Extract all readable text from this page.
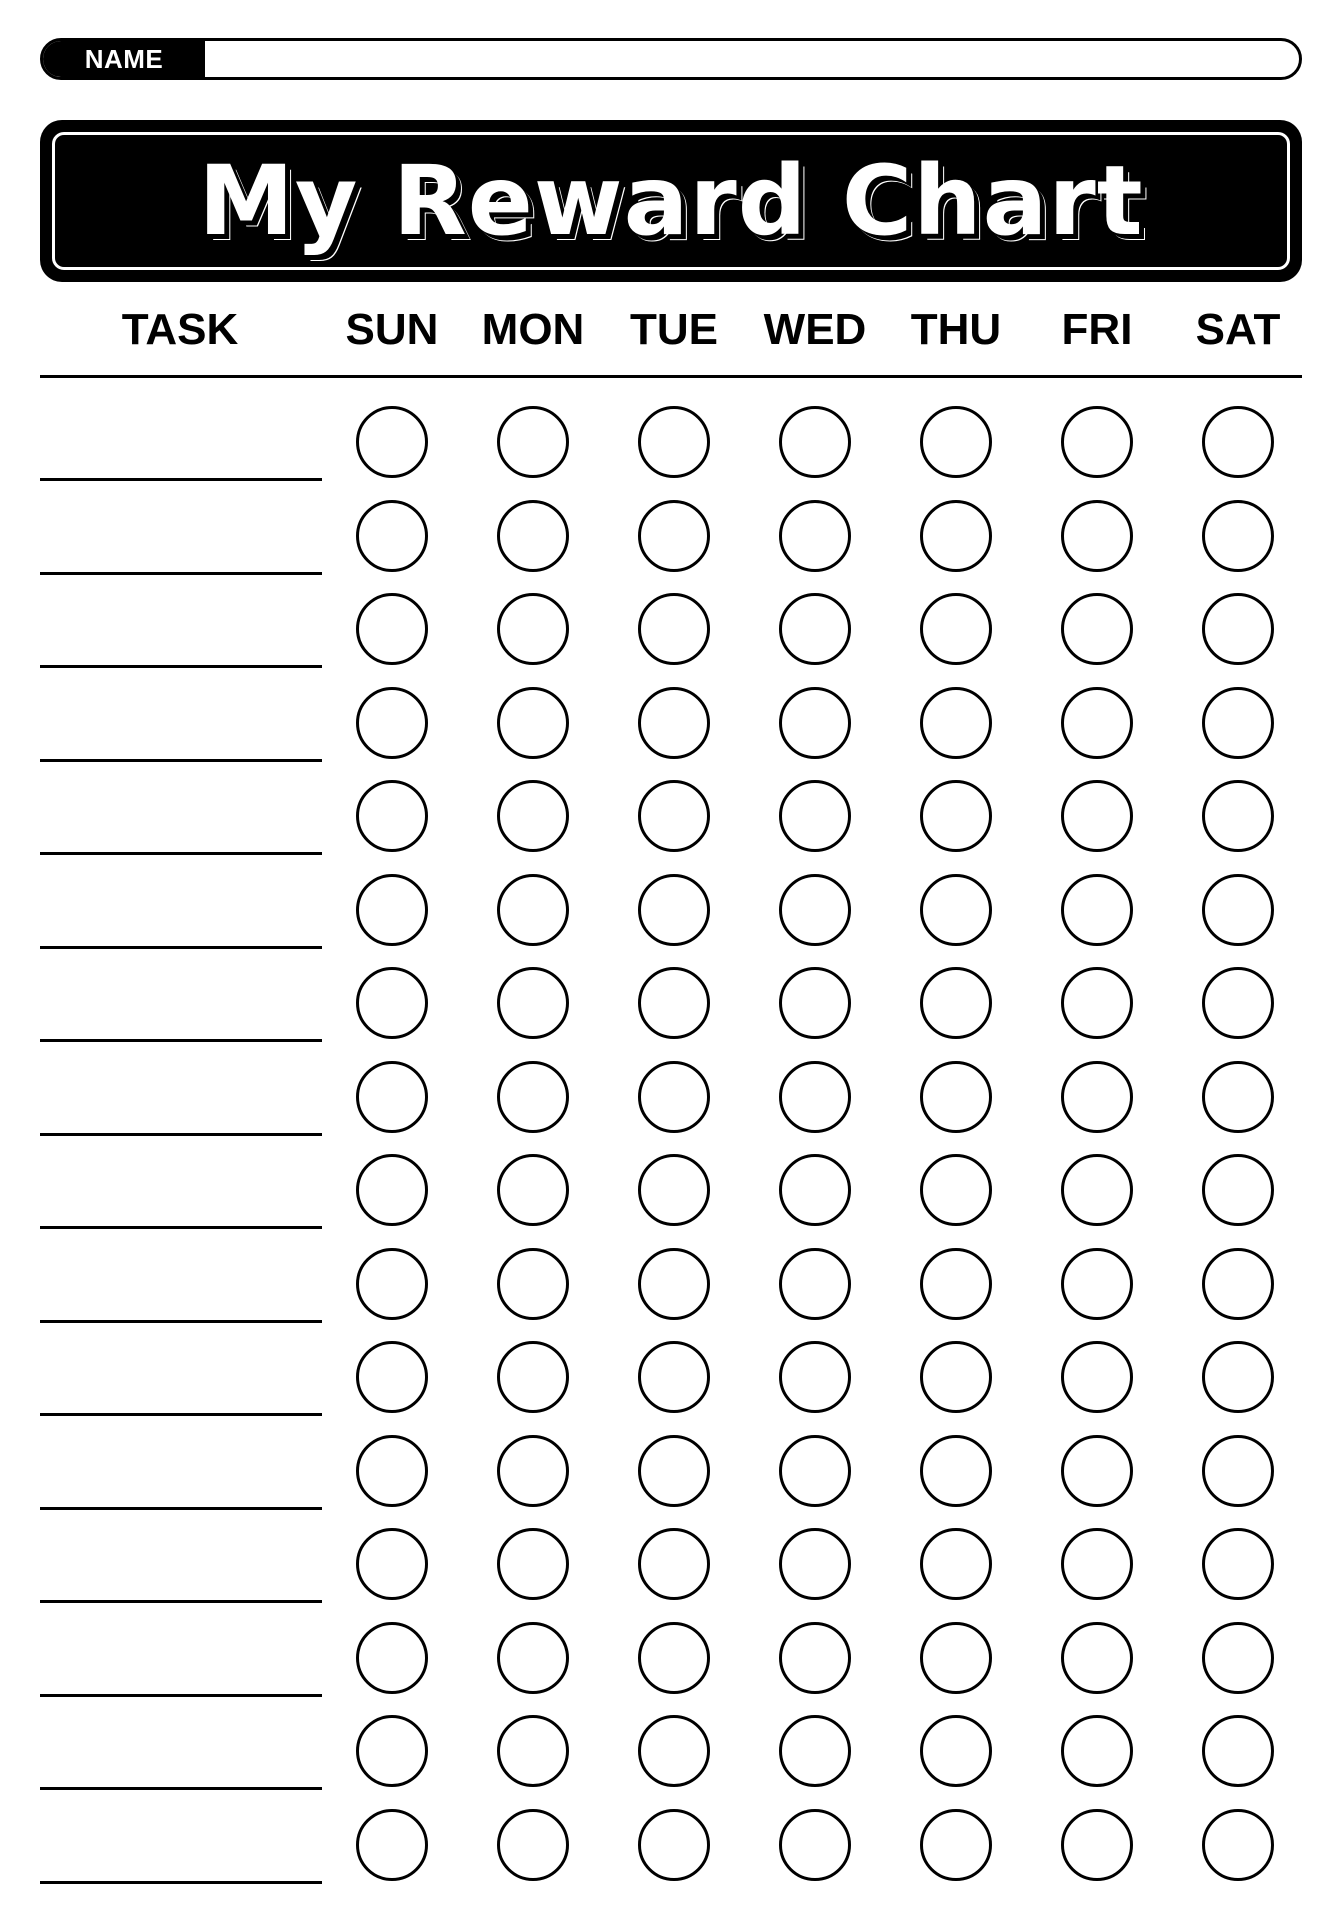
NAME
My Reward Chart
TASK	SUN MON	TUE	WED	THU	FRI	SAT
